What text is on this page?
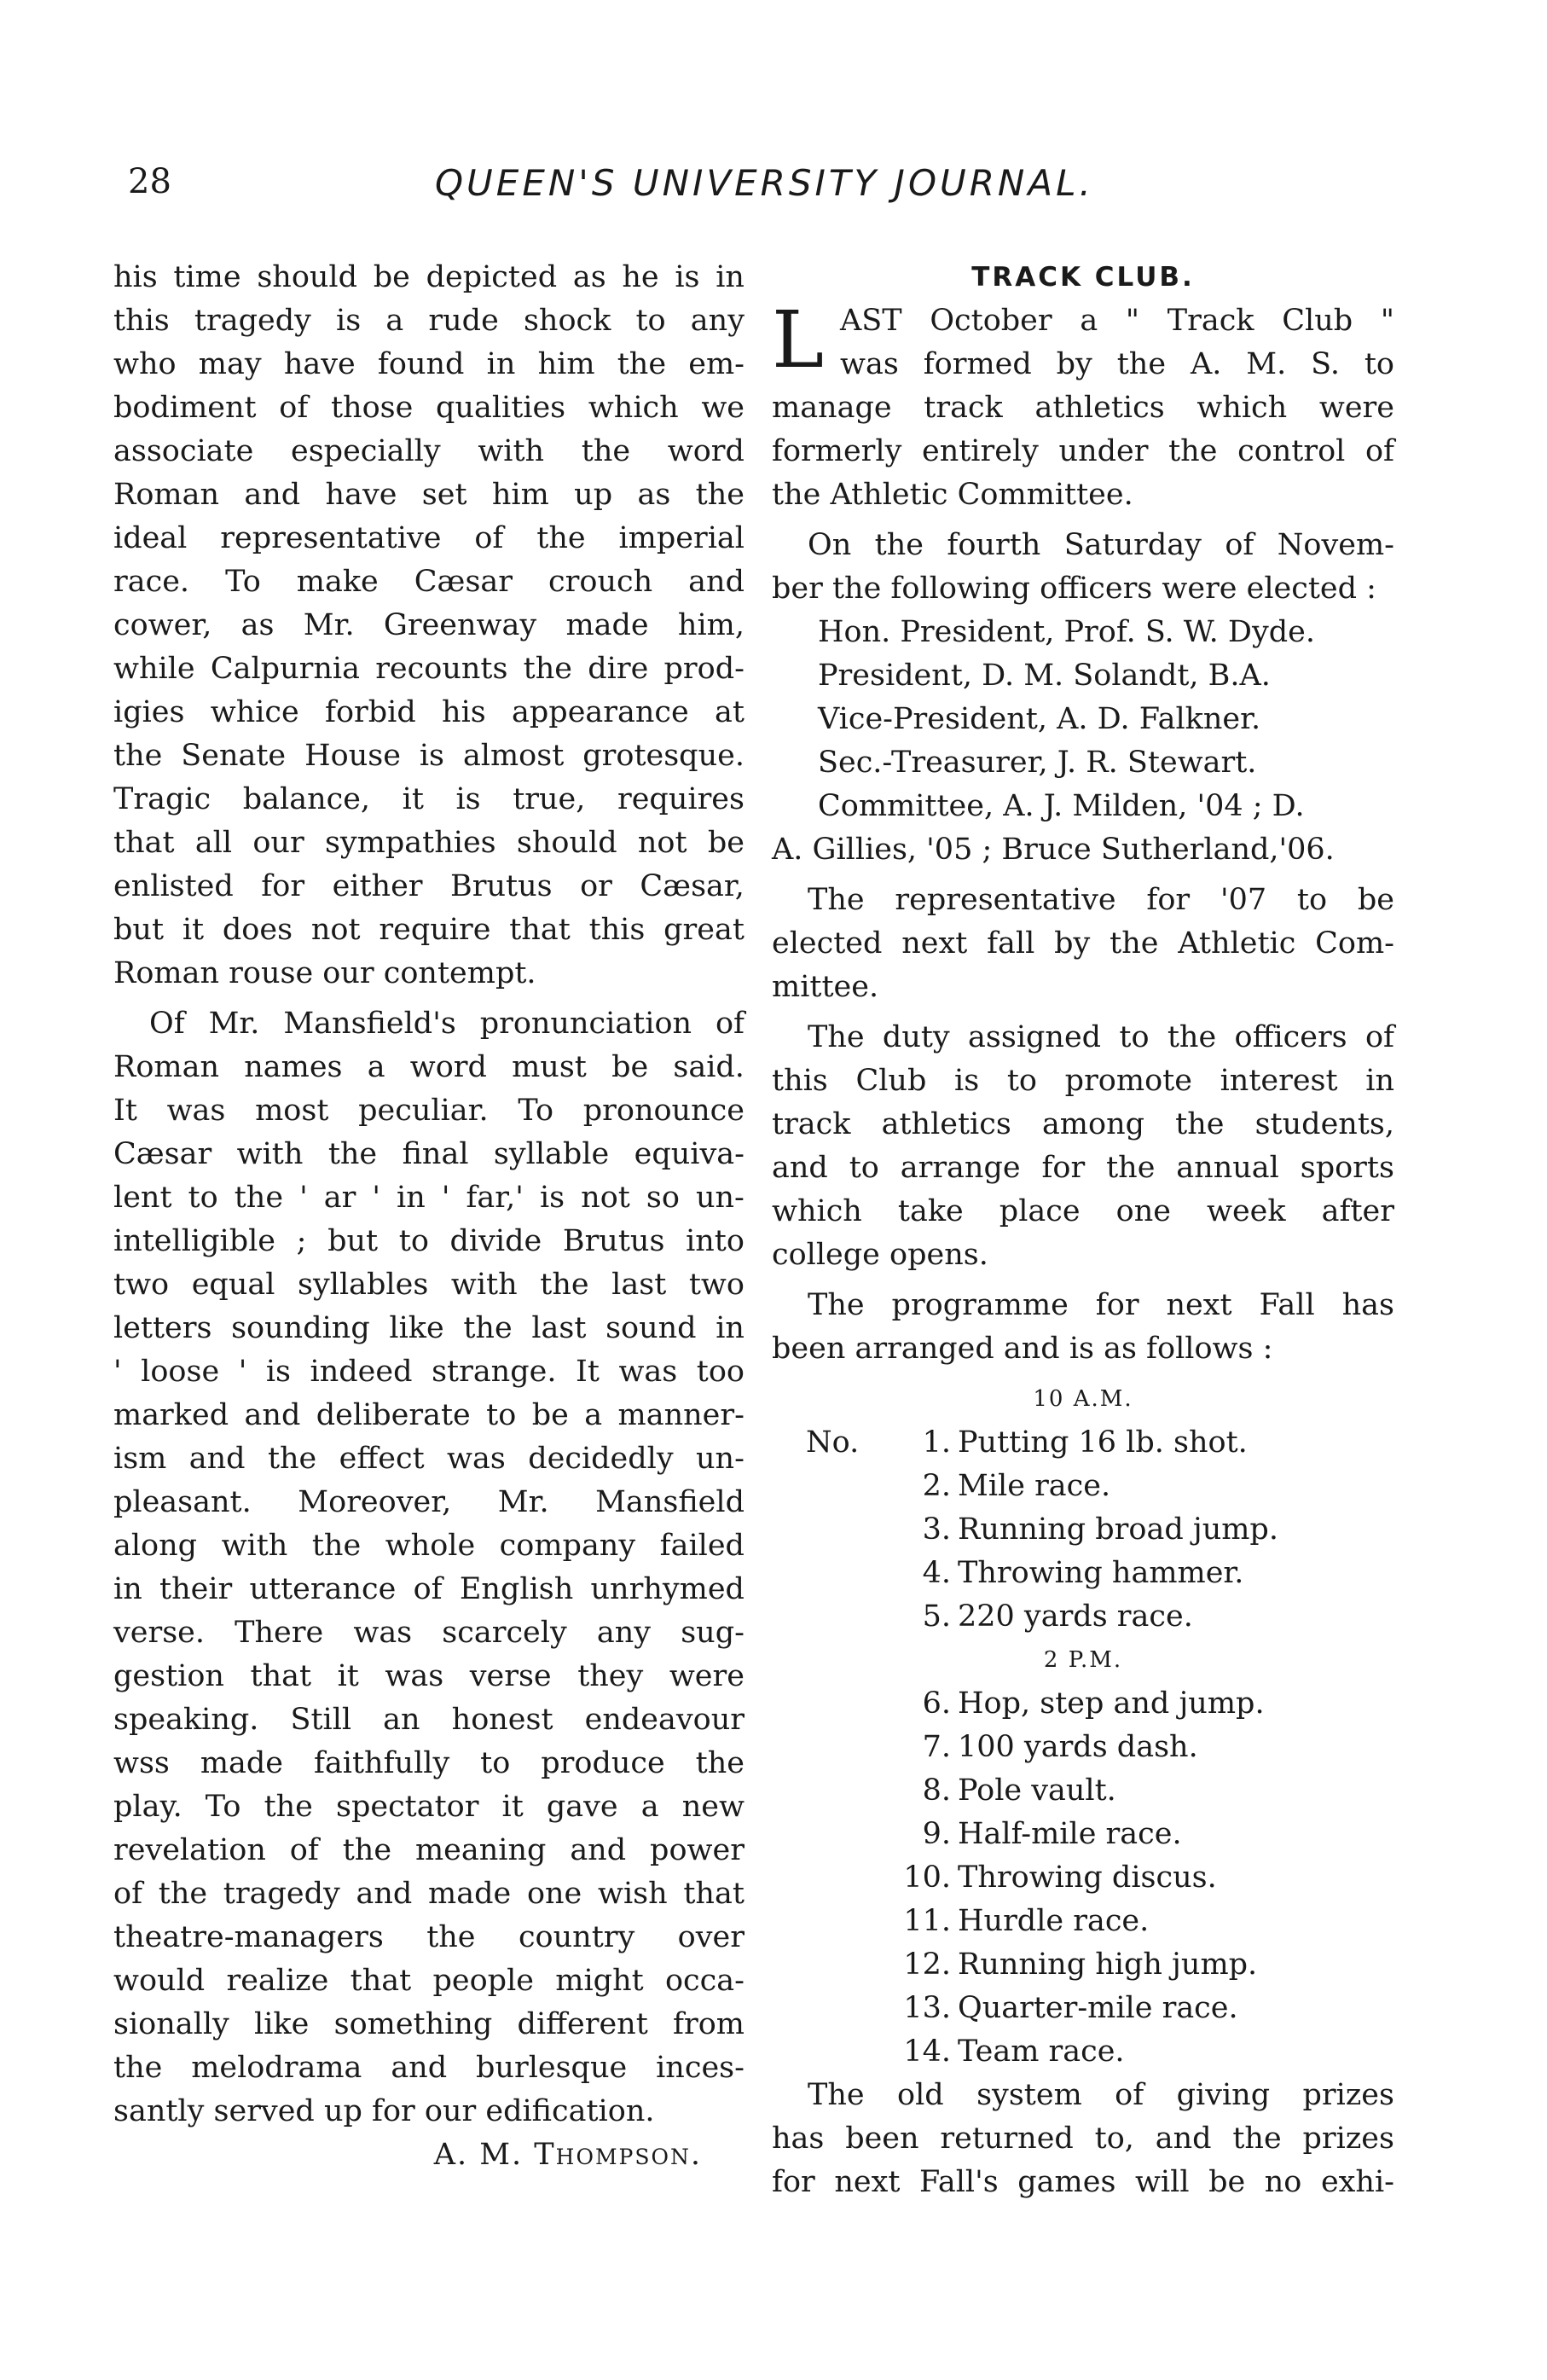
28	QUEEN'S UNIVERSITY JOURNAL.
his time should be depicted as he is in
this tragedy is a rude shock to any
who may have found in him the em-
bodiment of those qualities which we
associate especially with the word
Roman and have set him up as the
ideal representative of the imperial
race. To make Cæsar crouch and
cower, as Mr. Greenway made him,
while Calpurnia recounts the dire prod-
igies whice forbid his appearance at
the Senate House is almost grotesque.
Tragic balance, it is true, requires
that all our sympathies should not be
enlisted for either Brutus or Cæsar,
but it does not require that this great
Roman rouse our contempt.
Of Mr. Mansfield's pronunciation of
Roman names a word must be said.
It was most peculiar. To pronounce
Cæsar with the final syllable equiva-
lent to the ' ar ' in ' far,' is not so un-
intelligible ; but to divide Brutus into
two equal syllables with the last two
letters sounding like the last sound in
' loose ' is indeed strange. It was too
marked and deliberate to be a manner-
ism and the effect was decidedly un-
pleasant. Moreover, Mr. Mansfield
along with the whole company failed
in their utterance of English unrhymed
verse. There was scarcely any sug-
gestion that it was verse they were
speaking. Still an honest endeavour
wss made faithfully to produce the
play. To the spectator it gave a new
revelation of the meaning and power
of the tragedy and made one wish that
theatre-managers the country over
would realize that people might occa-
sionally like something different from
the melodrama and burlesque inces-
santly served up for our edification.
A. M. Thompson.
TRACK CLUB.
L AST October a " Track Club "
was formed by the A. M. S. to
manage track athletics which were
formerly entirely under the control of
the Athletic Committee.
On the fourth Saturday of Novem-
ber the following officers were elected :
Hon. President, Prof. S. W. Dyde.
President, D. M. Solandt, B.A.
Vice-President, A. D. Falkner.
Sec.-Treasurer, J. R. Stewart.
Committee, A. J. Milden, '04 ; D.
A. Gillies, '05 ; Bruce Sutherland,'06.
The representative for '07 to be
elected next fall by the Athletic Com-
mittee.
The duty assigned to the officers of
this Club is to promote interest in
track athletics among the students,
and to arrange for the annual sports
which take place one week after
college opens.
The programme for next Fall has
been arranged and is as follows :
10 A.M.
No.	1. Putting 16 lb. shot.
2. Mile race.
3. Running broad jump.
4. Throwing hammer.
5. 220 yards race.
2 P.M.
6. Hop, step and jump.
7. 100 yards dash.
8. Pole vault.
9. Half-mile race.
10. Throwing discus.
11. Hurdle race.
12. Running high jump.
13. Quarter-mile race.
14. Team race.
The old system of giving prizes
has been returned to, and the prizes
for next Fall's games will be no exhi-
